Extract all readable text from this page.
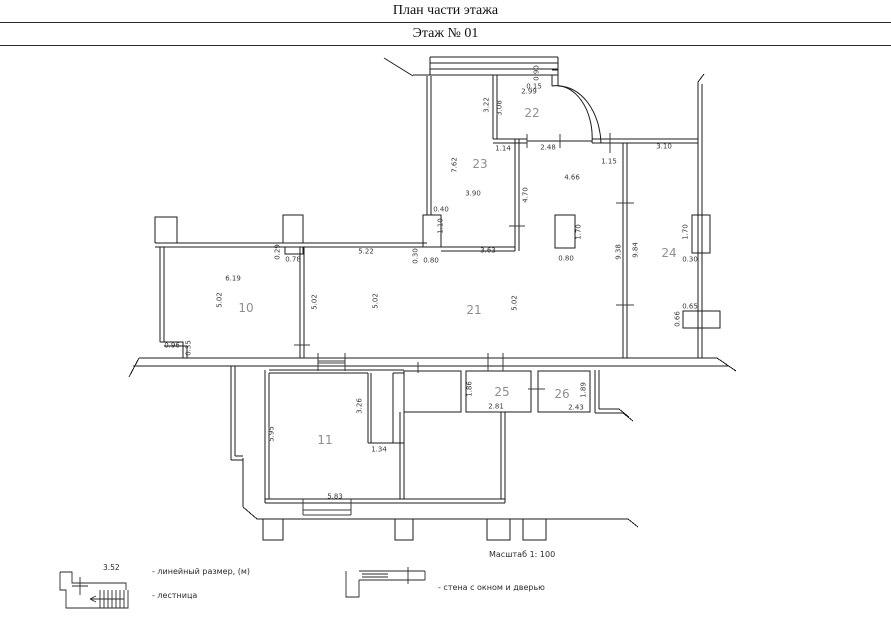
План части этажа
Этаж № 01
2.99
0.90
0.15
3.22 3.08
1.14	2.48
1.15
3.10
7.62
3.90
4.66
4.70
0.40
1.10	1.70
0.80
1.70
0.30
9.38 9.84
0.65
0.66
6.19
0.29 0.78
5.22	0.30 0.80
3.63
5.02	5.02	5.02	5.02
0.96 0.35
5.95
3.26
1.34
5.83
1.86
2.81
1.89
2.43
22
23
24
10	21
11
25	26
3.52	- линейный размер, (м)
- лестница
Масштаб 1: 100
- стена с окном и дверью
